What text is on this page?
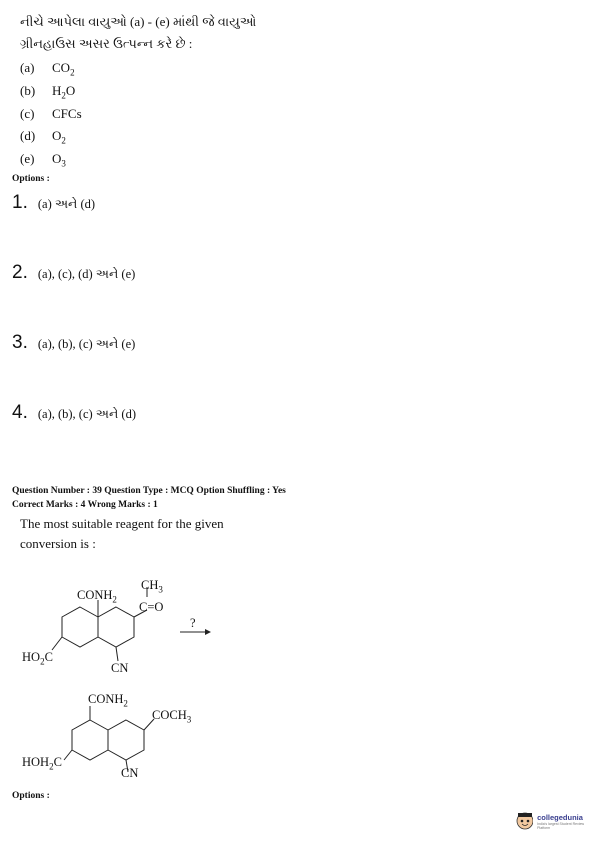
નીચે આપેલા વાયુઓ (a) - (e) માંથી જે વાયુઓ
ગ્રીનહાઉસ અસર ઉત્પન્ન કરે છે :
(a) $CO_2$
(b) $H_2O$
(c) CFCs
(d) $O_2$
(e) $O_3$
Options :
1. (a) અને (d)
2. (a), (c), (d) અને (e)
3. (a), (b), (c) અને (e)
4. (a), (b), (c) અને (d)
Question Number : 39 Question Type : MCQ Option Shuffling : Yes
Correct Marks : 4 Wrong Marks : 1
The most suitable reagent for the given
conversion is :
$CONH_2$
$CH_3$
C=O
?
$HO_2C$
CN
$CONH_2$
$COCH_3$
$HOH_2C$
CN
Options :
collegedunia
India's largest Student Review Platform
